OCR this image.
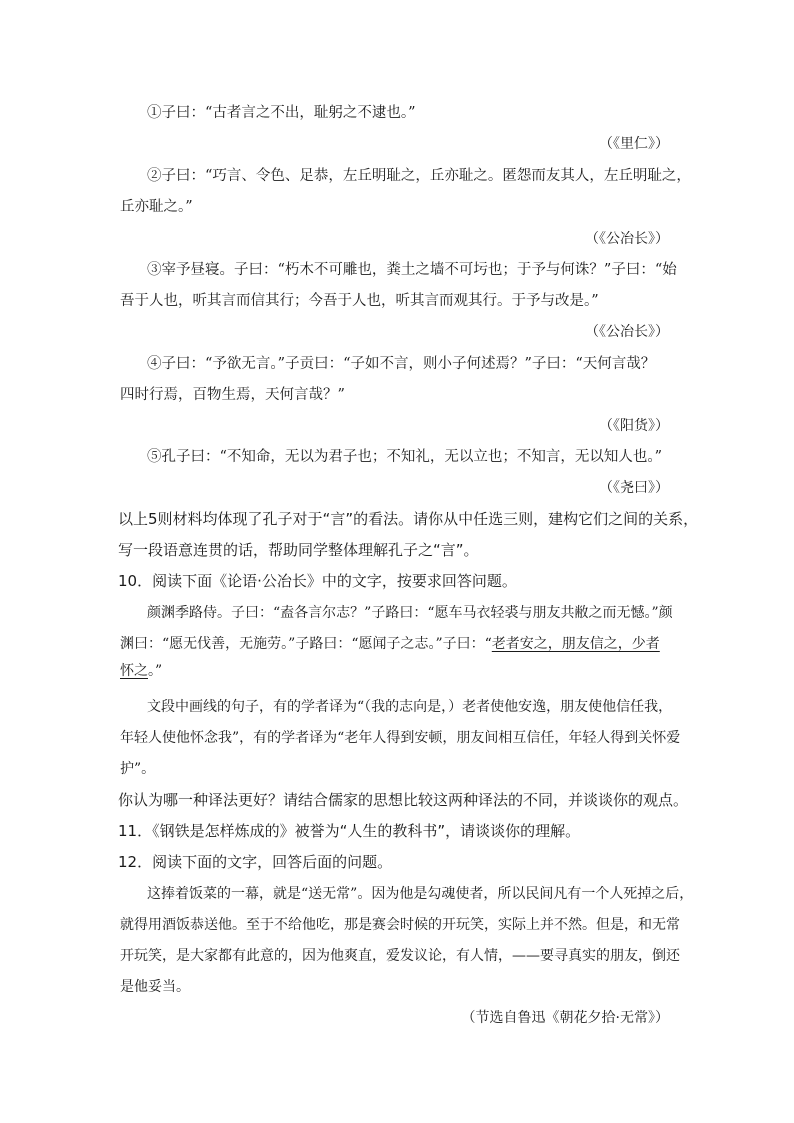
①子曰：“古者言之不出，耻躬之不逮也。”
（《里仁》）
②子曰：“巧言、令色、足恭，左丘明耻之，丘亦耻之。匿怨而友其人，左丘明耻之，
丘亦耻之。”
（《公冶长》）
③宰予昼寝。子曰：“朽木不可雕也，粪土之墙不可圬也；于予与何诛？”子曰：“始
吾于人也，听其言而信其行；今吾于人也，听其言而观其行。于予与改是。”
（《公冶长》）
④子曰：“予欲无言。”子贡曰：“子如不言，则小子何述焉？”子曰：“天何言哉？
四时行焉，百物生焉，天何言哉？”
（《阳货》）
⑤孔子曰：“不知命，无以为君子也；不知礼，无以立也；不知言，无以知人也。”
（《尧曰》）
以上5则材料均体现了孔子对于“言”的看法。请你从中任选三则，建构它们之间的关系，
写一段语意连贯的话，帮助同学整体理解孔子之“言”。
10．阅读下面《论语·公冶长》中的文字，按要求回答问题。
颜渊季路侍。子曰：“盍各言尔志？”子路曰：“愿车马衣轻裘与朋友共敝之而无憾。”颜
渊曰：“愿无伐善，无施劳。”子路曰：“愿闻子之志。”子曰：“老者安之，朋友信之，少者
怀之。”
文段中画线的句子，有的学者译为“（我的志向是，）老者使他安逸，朋友使他信任我，
年轻人使他怀念我”，有的学者译为“老年人得到安顿，朋友间相互信任，年轻人得到关怀爱
护”。
你认为哪一种译法更好？请结合儒家的思想比较这两种译法的不同，并谈谈你的观点。
11．《钢铁是怎样炼成的》被誉为“人生的教科书”，请谈谈你的理解。
12．阅读下面的文字，回答后面的问题。
这捧着饭菜的一幕，就是“送无常”。因为他是勾魂使者，所以民间凡有一个人死掉之后，
就得用酒饭恭送他。至于不给他吃，那是赛会时候的开玩笑，实际上并不然。但是，和无常
开玩笑，是大家都有此意的，因为他爽直，爱发议论，有人情，——要寻真实的朋友，倒还
是他妥当。
（节选自鲁迅《朝花夕拾·无常》）
